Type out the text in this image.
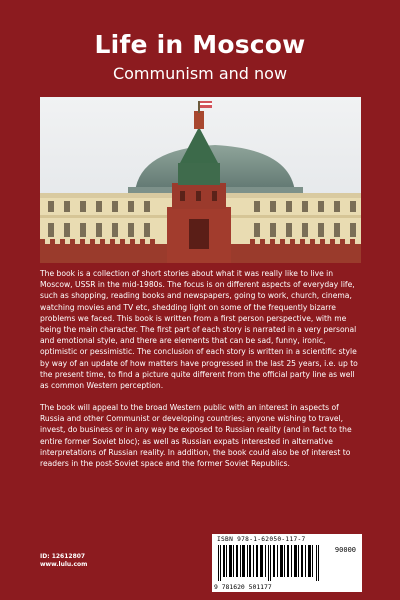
Life in Moscow
Communism and now

The book is a collection of short stories about what it was really like to live in Moscow, USSR in the mid-1980s. The focus is on different aspects of everyday life, such as shopping, reading books and newspapers, going to work, church, cinema, watching movies and TV etc, shedding light on some of the frequently bizarre problems we faced. This book is written from a first person perspective, with me being the main character. The first part of each story is narrated in a very personal and emotional style, and there are elements that can be sad, funny, ironic, optimistic or pessimistic. The conclusion of each story is written in a scientific style by way of an update of how matters have progressed in the last 25 years, i.e. up to the present time, to find a picture quite different from the official party line as well as common Western perception.

The book will appeal to the broad Western public with an interest in aspects of Russia and other Communist or developing countries; anyone wishing to travel, invest, do business or in any way be exposed to Russian reality (and in fact to the entire former Soviet bloc); as well as Russian expats interested in alternative interpretations of Russian reality. In addition, the book could also be of interest to readers in the post-Soviet space and the former Soviet Republics.

ID: 12612807
www.lulu.com
ISBN 978-1-62050-117-7
90000
9 781620 501177
